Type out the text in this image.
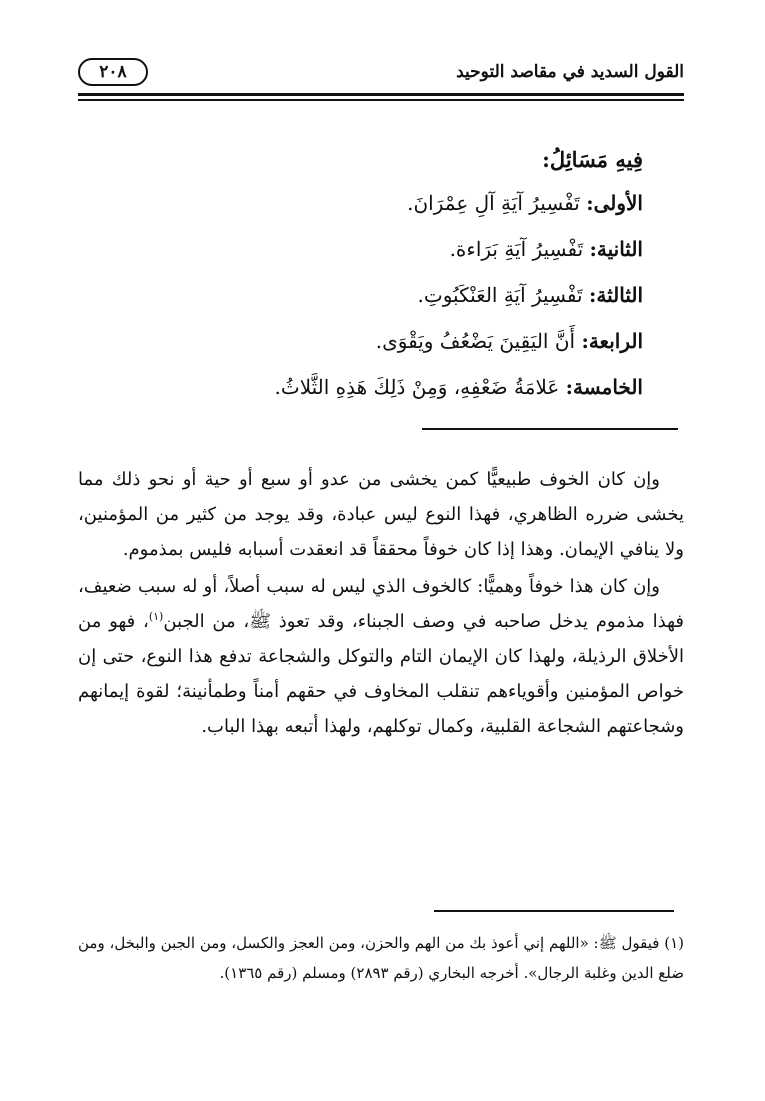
القول السديد في مقاصد التوحيد
٢٠٨
فِيهِ مَسَائِلُ:
الأولى: تَفْسِيرُ آيَةِ آلِ عِمْرَانَ.
الثانية: تَفْسِيرُ آيَةِ بَرَاءة.
الثالثة: تَفْسِيرُ آيَةِ العَنْكَبُوتِ.
الرابعة: أَنَّ اليَقِينَ يَضْعُفُ ويَقْوَى.
الخامسة: عَلامَةُ ضَعْفِهِ، وَمِنْ ذَلِكَ هَذِهِ الثَّلاثُ.

وإن كان الخوف طبيعيًّا كمن يخشى من عدو أو سبع أو حية أو نحو ذلك مما يخشى ضرره الظاهري، فهذا النوع ليس عبادة، وقد يوجد من كثير من المؤمنين، ولا ينافي الإيمان. وهذا إذا كان خوفاً محققاً قد انعقدت أسبابه فليس بمذموم.

وإن كان هذا خوفاً وهميًّا: كالخوف الذي ليس له سبب أصلاً، أو له سبب ضعيف، فهذا مذموم يدخل صاحبه في وصف الجبناء، وقد تعوذ ﷺ، من الجبن$^{(١)}$، فهو من الأخلاق الرذيلة، ولهذا كان الإيمان التام والتوكل والشجاعة تدفع هذا النوع، حتى إن خواص المؤمنين وأقوياءهم تنقلب المخاوف في حقهم أمناً وطمأنينة؛ لقوة إيمانهم وشجاعتهم الشجاعة القلبية، وكمال توكلهم، ولهذا أتبعه بهذا الباب.

(١) فيقول ﷺ: «اللهم إني أعوذ بك من الهم والحزن، ومن العجز والكسل، ومن الجبن والبخل، ومن ضلع الدين وغلبة الرجال». أخرجه البخاري (رقم ٢٨٩٣) ومسلم (رقم ١٣٦٥).
